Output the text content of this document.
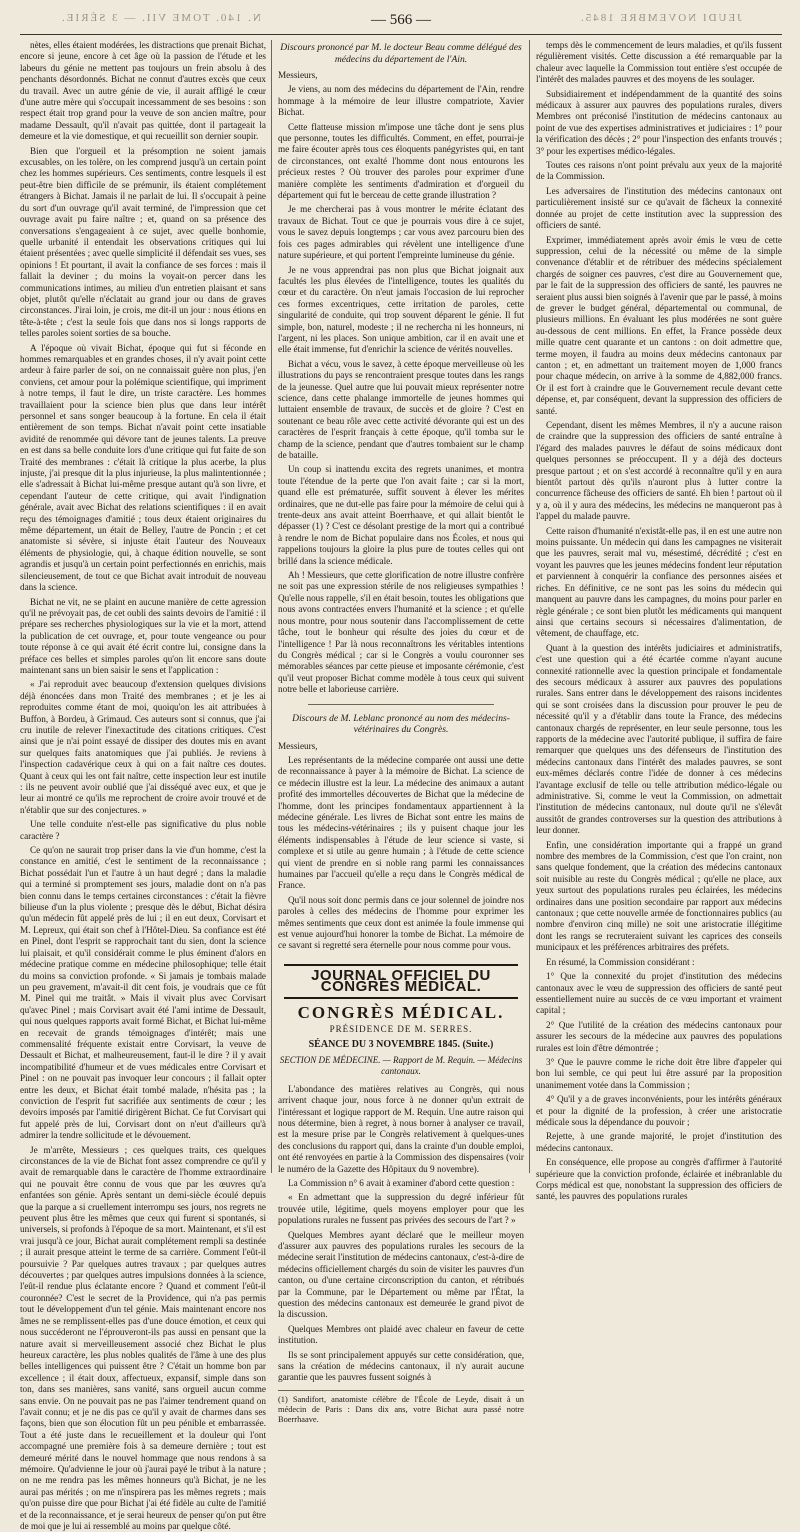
N. 140. TOME VII. — 3 SÉRIE.	— 566 —	JEUDI NOVEMBRE 1845.

nètes, elles étaient modérées, les distractions que prenait Bichat, encore si jeune, encore à cet âge où la passion de l'étude et les labeurs du génie ne mettent pas toujours un frein absolu à des penchants désordonnés. Bichat ne connut d'autres excès que ceux du travail. Avec un autre génie de vie, il aurait affligé le cœur d'une autre mère qui s'occupait incessamment de ses besoins : son respect était trop grand pour la veuve de son ancien maître, pour madame Dessault, qu'il n'avait pas quittée, dont il partageait la demeure et la vie domestique, et qui recueillit son dernier soupir.

Bien que l'orgueil et la présomption ne soient jamais excusables, on les tolère, on les comprend jusqu'à un certain point chez les hommes supérieurs. Ces sentiments, contre lesquels il est peut-être bien difficile de se prémunir, ils étaient complétement étrangers à Bichat. Jamais il ne parlait de lui. Il s'occupait à peine du sort d'un ouvrage qu'il avait terminé, de l'impression que cet ouvrage avait pu faire naître ; et, quand on sa présence des conversations s'engageaient à ce sujet, avec quelle bonhomie, quelle urbanité il entendait les observations critiques qui lui étaient présentées ; avec quelle simplicité il défendait ses vues, ses opinions ! Et pourtant, il avait la confiance de ses forces : mais il fallait la deviner ; du moins la voyait-on percer dans les communications intimes, au milieu d'un entretien plaisant et sans objet, plutôt qu'elle n'éclatait au grand jour ou dans de graves circonstances. J'irai loin, je crois, me dit-il un jour : nous étions en tête-à-tête ; c'est la seule fois que dans nos si longs rapports de telles paroles soient sorties de sa bouche.

A l'époque où vivait Bichat, époque qui fut si féconde en hommes remarquables et en grandes choses, il n'y avait point cette ardeur à faire parler de soi, on ne connaissait guère non plus, j'en conviens, cet amour pour la polémique scientifique, qui impriment à notre temps, il faut le dire, un triste caractère. Les hommes travaillaient pour la science bien plus que dans leur intérêt personnel et sans songer beaucoup à la fortune. En cela il était entièrement de son temps. Bichat n'avait point cette insatiable avidité de renommée qui dévore tant de jeunes talents. La preuve en est dans sa belle conduite lors d'une critique qui fut faite de son Traité des membranes : c'était là critique la plus acerbe, la plus injuste, j'ai presque dit la plus injurieuse, la plus malintentionnée ; elle s'adressait à Bichat lui-même presque autant qu'à son livre, et cependant l'auteur de cette critique, qui avait l'indignation générale, avait avec Bichat des relations scientifiques : il en avait reçu des témoignages d'amitié ; tous deux étaient originaires du même département, un était de Belley, l'autre de Poncin ; et cet anatomiste si sévère, si injuste était l'auteur des Nouveaux éléments de physiologie, qui, à chaque édition nouvelle, se sont agrandis et jusqu'à un certain point perfectionnés en enrichis, mais silencieusement, de tout ce que Bichat avait introduit de nouveau dans la science.

Bichat ne vit, ne se plaint en aucune manière de cette agression qu'il ne prévoyait pas, de cet oubli des saints devoirs de l'amitié : il prépare ses recherches physiologiques sur la vie et la mort, attend la publication de cet ouvrage, et, pour toute vengeance ou pour toute réponse à ce qui avait été écrit contre lui, consigne dans la préface ces belles et simples paroles qu'on lit encore sans doute maintenant sans un bien saisir le sens et l'application :

« J'ai reproduit avec beaucoup d'extension quelques divisions déjà énoncées dans mon Traité des membranes ; et je les ai reproduites comme étant de moi, quoiqu'on les ait attribuées à Buffon, à Bordeu, à Grimaud. Ces auteurs sont si connus, que j'ai cru inutile de relever l'inexactitude des citations critiques. C'est ainsi que je n'ai point essayé de dissiper des doutes mis en avant sur quelques faits anatomiques que j'ai publiés. Je reviens à l'inspection cadavérique ceux à qui on a fait naître ces doutes. Quant à ceux qui les ont fait naître, cette inspection leur est inutile : ils ne peuvent avoir oublié que j'ai disséqué avec eux, et que je leur ai montré ce qu'ils me reprochent de croire avoir trouvé et de n'établir que sur des conjectures. »

Une telle conduite n'est-elle pas significative du plus noble caractère ?

Ce qu'on ne saurait trop priser dans la vie d'un homme, c'est la constance en amitié, c'est le sentiment de la reconnaissance ; Bichat possédait l'un et l'autre à un haut degré ; dans la maladie qui a terminé si promptement ses jours, maladie dont on n'a pas bien connu dans le temps certaines circonstances : c'était la fièvre bilieuse d'un la plus violente ; presque dès le début, Bichat désira qu'un médecin fût appelé près de lui ; il en eut deux, Corvisart et M. Lepreux, qui était son chef à l'Hôtel-Dieu. Sa confiance est été en Pinel, dont l'esprit se rapprochait tant du sien, dont la science lui plaisait, et qu'il considérait comme le plus éminent d'alors en médecine pratique comme en médecine philosophique; telle était du moins sa conviction profonde. « Si jamais je tombais malade un peu gravement, m'avait-il dit cent fois, je voudrais que ce fût M. Pinel qui me traitât. » Mais il vivait plus avec Corvisart qu'avec Pinel ; mais Corvisart avait été l'ami intime de Dessault, qui nous quelques rapports avait formé Bichat, et Bichat lui-même en recevait de grands témoignages d'intérêt; mais une commensalité fréquente existait entre Corvisart, la veuve de Dessault et Bichat, et malheureusement, faut-il le dire ? il y avait incompatibilité d'humeur et de vues médicales entre Corvisart et Pinel : on ne pouvait pas invoquer leur concours ; il fallait opter entre les deux, et Bichat était tombé malade, n'hésita pas ; la conviction de l'esprit fut sacrifiée aux sentiments de cœur ; les devoirs imposés par l'amitié dirigèrent Bichat. Ce fut Corvisart qui fut appelé près de lui, Corvisart dont on n'eut d'ailleurs qu'à admirer la tendre sollicitude et le dévouement.

Je m'arrête, Messieurs ; ces quelques traits, ces quelques circonstances de la vie de Bichat font assez comprendre ce qu'il y avait de remarquable dans le caractère de l'homme extraordinaire qui ne pouvait être connu de vous que par les œuvres qu'a enfantées son génie. Après sentant un demi-siècle écoulé depuis que la parque a si cruellement interrompu ses jours, nos regrets ne peuvent plus être les mêmes que ceux qui furent si spontanés, si universels, si profonds à l'époque de sa mort. Maintenant, et s'il est vrai jusqu'à ce jour, Bichat aurait complétement rempli sa destinée ; il aurait presque atteint le terme de sa carrière. Comment l'eût-il poursuivie ? Par quelques autres travaux ; par quelques autres découvertes ; par quelques autres impulsions données à la science, l'eût-il rendue plus éclatante encore ? Quand et comment l'eût-il couronnée? C'est le secret de la Providence, qui n'a pas permis tout le développement d'un tel génie. Mais maintenant encore nos âmes ne se remplissent-elles pas d'une douce émotion, et ceux qui nous succéderont ne l'éprouveront-ils pas aussi en pensant que la nature avait si merveilleusement associé chez Bichat le plus heureux caractère, les plus nobles qualités de l'âme à une des plus belles intelligences qui puissent être ? C'était un homme bon par excellence ; il était doux, affectueux, expansif, simple dans son ton, dans ses manières, sans vanité, sans orgueil aucun comme sans envie. On ne pouvait pas ne pas l'aimer tendrement quand on l'avait connu; et je ne dis pas ce qu'il y avait de charmes dans ses façons, bien que son élocution fût un peu pénible et embarrassée. Tout a été juste dans le recueillement et la douleur qui l'ont accompagné une première fois à sa demeure dernière ; tout est demeuré mérité dans le nouvel hommage que nous rendons à sa mémoire. Qu'advienne le jour où j'aurai payé le tribut à la nature ; on ne me rendra pas les mêmes honneurs qu'à Bichat, je ne les aurai pas mérités ; on me n'inspirera pas les mêmes regrets ; mais qu'on puisse dire que pour Bichat j'ai été fidèle au culte de l'amitié et de la reconnaissance, et je serai heureux de penser qu'on put être de moi que je lui ai ressemblé au moins par quelque côté.

Discours prononcé par M. le docteur Beau comme délégué des médecins du département de l'Ain.

Messieurs,

Je viens, au nom des médecins du département de l'Ain, rendre hommage à la mémoire de leur illustre compatriote, Xavier Bichat.

Cette flatteuse mission m'impose une tâche dont je sens plus que personne, toutes les difficultés. Comment, en effet, pourrai-je me faire écouter après tous ces éloquents panégyristes qui, en tant de circonstances, ont exalté l'homme dont nous entourons les précieux restes ? Où trouver des paroles pour exprimer d'une manière complète les sentiments d'admiration et d'orgueil du département qui fut le berceau de cette grande illustration ?

Je me chercherai pas à vous montrer le mérite éclatant des travaux de Bichat. Tout ce que je pourrais vous dire à ce sujet, vous le savez depuis longtemps ; car vous avez parcouru bien des fois ces pages admirables qui révèlent une intelligence d'une nature supérieure, et qui portent l'empreinte lumineuse du génie.

Je ne vous apprendrai pas non plus que Bichat joignait aux facultés les plus élevées de l'intelligence, toutes les qualités du cœur et du caractère. On n'eut jamais l'occasion de lui reprocher ces formes excentriques, cette irritation de paroles, cette singularité de conduite, qui trop souvent déparent le génie. Il fut simple, bon, naturel, modeste ; il ne rechercha ni les honneurs, ni l'argent, ni les places. Son unique ambition, car il en avait une et elle était immense, fut d'enrichir la science de vérités nouvelles.

Bichat a vécu, vous le savez, à cette époque merveilleuse où les illustrations du pays se rencontraient presque toutes dans les rangs de la jeunesse. Quel autre que lui pouvait mieux représenter notre science, dans cette phalange immortelle de jeunes hommes qui luttaient ensemble de travaux, de succès et de gloire ? C'est en soutenant ce beau rôle avec cette activité dévorante qui est un des caractères de l'esprit français à cette époque, qu'il tomba sur le champ de la science, pendant que d'autres tombaient sur le champ de bataille.

Un coup si inattendu excita des regrets unanimes, et montra toute l'étendue de la perte que l'on avait faite ; car si la mort, quand elle est prématurée, suffit souvent à élever les mérites ordinaires, que ne dut-elle pas faire pour la mémoire de celui qui à trente-deux ans avait atteint Boerrhaave, et qui allait bientôt le dépasser (1) ? C'est ce désolant prestige de la mort qui a contribué à rendre le nom de Bichat populaire dans nos Écoles, et nous qui rappelions toujours la gloire la plus pure de toutes celles qui ont brillé dans la science médicale.

Ah ! Messieurs, que cette glorification de notre illustre confrère ne soit pas une expression stérile de nos religieuses sympathies ! Qu'elle nous rappelle, s'il en était besoin, toutes les obligations que nous avons contractées envers l'humanité et la science ; et qu'elle nous montre, pour nous soutenir dans l'accomplissement de cette tâche, tout le bonheur qui résulte des joies du cœur et de l'intelligence ! Par là nous reconnaîtrons les véritables intentions du Congrès médical ; car si le Congrès a voulu couronner ses mémorables séances par cette pieuse et imposante cérémonie, c'est qu'il veut proposer Bichat comme modèle à tous ceux qui suivent notre belle et laborieuse carrière.

Discours de M. Leblanc prononcé au nom des médecins-vétérinaires du Congrès.

Messieurs,

Les représentants de la médecine comparée ont aussi une dette de reconnaissance à payer à la mémoire de Bichat. La science de ce médecin illustre est la leur. La médecine des animaux a autant profité des immortelles découvertes de Bichat que la médecine de l'homme, dont les principes fondamentaux appartiennent à la médecine générale. Les livres de Bichat sont entre les mains de tous les médecins-vétérinaires ; ils y puisent chaque jour les éléments indispensables à l'étude de leur science si vaste, si complexe et si utile au genre humain ; à l'étude de cette science qui vient de prendre en si noble rang parmi les connaissances humaines par l'accueil qu'elle a reçu dans le Congrès médical de France.

Qu'il nous soit donc permis dans ce jour solennel de joindre nos paroles à celles des médecins de l'homme pour exprimer les mêmes sentiments que ceux dont est animée la foule immense qui est venue aujourd'hui honorer la tombe de Bichat. La mémoire de ce savant si regretté sera éternelle pour nous comme pour vous.

JOURNAL OFFICIEL DU CONGRÈS MÉDICAL.
CONGRÈS MÉDICAL.
PRÉSIDENCE DE M. SERRES.
SÉANCE DU 3 NOVEMBRE 1845. (Suite.)
SECTION DE MÉDECINE. — Rapport de M. Requin. — Médecins cantonaux.

L'abondance des matières relatives au Congrès, qui nous arrivent chaque jour, nous force à ne donner qu'un extrait de l'intéressant et logique rapport de M. Requin. Une autre raison qui nous détermine, bien à regret, à nous borner à analyser ce travail, est la mesure prise par le Congrès relativement à quelques-unes des conclusions du rapport qui, dans la crainte d'un double emploi, ont été renvoyées en partie à la Commission des dispensaires (voir le numéro de la Gazette des Hôpitaux du 9 novembre).

La Commission n° 6 avait à examiner d'abord cette question :

« En admettant que la suppression du degré inférieur fût trouvée utile, légitime, quels moyens employer pour que les populations rurales ne fussent pas privées des secours de l'art ? »

Quelques Membres ayant déclaré que le meilleur moyen d'assurer aux pauvres des populations rurales les secours de la médecine serait l'institution de médecins cantonaux, c'est-à-dire de médecins officiellement chargés du soin de visiter les pauvres d'un canton, ou d'une certaine circonscription du canton, et rétribués par la Commune, par le Département ou même par l'État, la question des médecins cantonaux est demeurée le grand pivot de la discussion.

Quelques Membres ont plaidé avec chaleur en faveur de cette institution.

Ils se sont principalement appuyés sur cette considération, que, sans la création de médecins cantonaux, il n'y aurait aucune garantie que les pauvres fussent soignés à

(1) Sandifort, anatomiste célèbre de l'École de Leyde, disait à un médecin de Paris : Dans dix ans, votre Bichat aura passé notre Boerrhaave.

temps dès le commencement de leurs maladies, et qu'ils fussent régulièrement visités. Cette discussion a été remarquable par la chaleur avec laquelle la Commission tout entière s'est occupée de l'intérêt des malades pauvres et des moyens de les soulager.

Subsidiairement et indépendamment de la quantité des soins médicaux à assurer aux pauvres des populations rurales, divers Membres ont préconisé l'institution de médecins cantonaux au point de vue des expertises administratives et judiciaires : 1° pour la vérification des décès ; 2° pour l'inspection des enfants trouvés ; 3° pour les expertises médico-légales.

Toutes ces raisons n'ont point prévalu aux yeux de la majorité de la Commission.

Les adversaires de l'institution des médecins cantonaux ont particulièrement insisté sur ce qu'avait de fâcheux la connexité donnée au projet de cette institution avec la suppression des officiers de santé.

Exprimer, immédiatement après avoir émis le vœu de cette suppression, celui de la nécessité ou même de la simple convenance d'établir et de rétribuer des médecins spécialement chargés de soigner ces pauvres, c'est dire au Gouvernement que, par le fait de la suppression des officiers de santé, les pauvres ne seraient plus aussi bien soignés à l'avenir que par le passé, à moins de grever le budget général, départemental ou communal, de plusieurs millions. En évaluant les plus modérées ne sont guère au-dessous de cent millions. En effet, la France possède deux mille quatre cent quarante et un cantons : on doit admettre que, terme moyen, il faudra au moins deux médecins cantonaux par canton ; et, en admettant un traitement moyen de 1,000 francs pour chaque médecin, on arrive à la somme de 4,882,000 francs. Or il est fort à craindre que le Gouvernement recule devant cette dépense, et, par conséquent, devant la suppression des officiers de santé.

Cependant, disent les mêmes Membres, il n'y a aucune raison de craindre que la suppression des officiers de santé entraîne à l'égard des malades pauvres le défaut de soins médicaux dont quelques personnes se préoccupent. Il y a déjà des docteurs presque partout ; et on s'est accordé à reconnaître qu'il y en aura bientôt partout dès qu'ils n'auront plus à lutter contre la concurrence fâcheuse des officiers de santé. Eh bien ! partout où il y a, où il y aura des médecins, les médecins ne manqueront pas à l'appel du malade pauvre.

Cette raison d'humanité n'existât-elle pas, il en est une autre non moins puissante. Un médecin qui dans les campagnes ne visiterait que les pauvres, serait mal vu, mésestimé, décrédité ; c'est en voyant les pauvres que les jeunes médecins fondent leur réputation et parviennent à conquérir la confiance des personnes aisées et riches. En définitive, ce ne sont pas les soins du médecin qui manquent au pauvre dans les campagnes, du moins pour parler en règle générale ; ce sont bien plutôt les médicaments qui manquent ainsi que certains secours si nécessaires d'alimentation, de vêtement, de chauffage, etc.

Quant à la question des intérêts judiciaires et administratifs, c'est une question qui a été écartée comme n'ayant aucune connexité rationnelle avec la question principale et fondamentale des secours médicaux à assurer aux pauvres des populations rurales. Sans entrer dans le développement des raisons incidentes qui se sont croisées dans la discussion pour prouver le peu de nécessité qu'il y a d'établir dans toute la France, des médecins cantonaux chargés de représenter, en leur seule personne, tous les rapports de la médecine avec l'autorité publique, il suffira de faire remarquer que quelques uns des défenseurs de l'institution des médecins cantonaux dans l'intérêt des malades pauvres, se sont eux-mêmes déclarés contre l'idée de donner à ces médecins l'avantage exclusif de telle ou telle attribution médico-légale ou administrative. Si, comme le veut la Commission, on admettait l'institution de médecins cantonaux, nul doute qu'il ne s'élevât aussitôt de grandes controverses sur la question des attributions à leur donner.

Enfin, une considération importante qui a frappé un grand nombre des membres de la Commission, c'est que l'on craint, non sans quelque fondement, que la création des médecins cantonaux soit nuisible au reste du Congrès médical ; qu'elle ne place, aux yeux surtout des populations rurales peu éclairées, les médecins ordinaires dans une position secondaire par rapport aux médecins cantonaux ; que cette nouvelle armée de fonctionnaires publics (au nombre d'environ cinq mille) ne soit une aristocratie illégitime dont les rangs se recruteraient suivant les caprices des conseils municipaux et les préférences arbitraires des préfets.

En résumé, la Commission considérant :

1° Que la connexité du projet d'institution des médecins cantonaux avec le vœu de suppression des officiers de santé peut essentiellement nuire au succès de ce vœu important et vraiment capital ;

2° Que l'utilité de la création des médecins cantonaux pour assurer les secours de la médecine aux pauvres des populations rurales est loin d'être démontrée ;

3° Que le pauvre comme le riche doit être libre d'appeler qui bon lui semble, ce qui peut lui être assuré par la proposition unanimement votée dans la Commission ;

4° Qu'il y a de graves inconvénients, pour les intérêts généraux et pour la dignité de la profession, à créer une aristocratie médicale sous la dépendance du pouvoir ;

Rejette, à une grande majorité, le projet d'institution des médecins cantonaux.

En conséquence, elle propose au congrès d'affirmer à l'autorité supérieure que la conviction profonde, éclairée et inébranlable du Corps médical est que, nonobstant la suppression des officiers de santé, les pauvres des populations rurales
